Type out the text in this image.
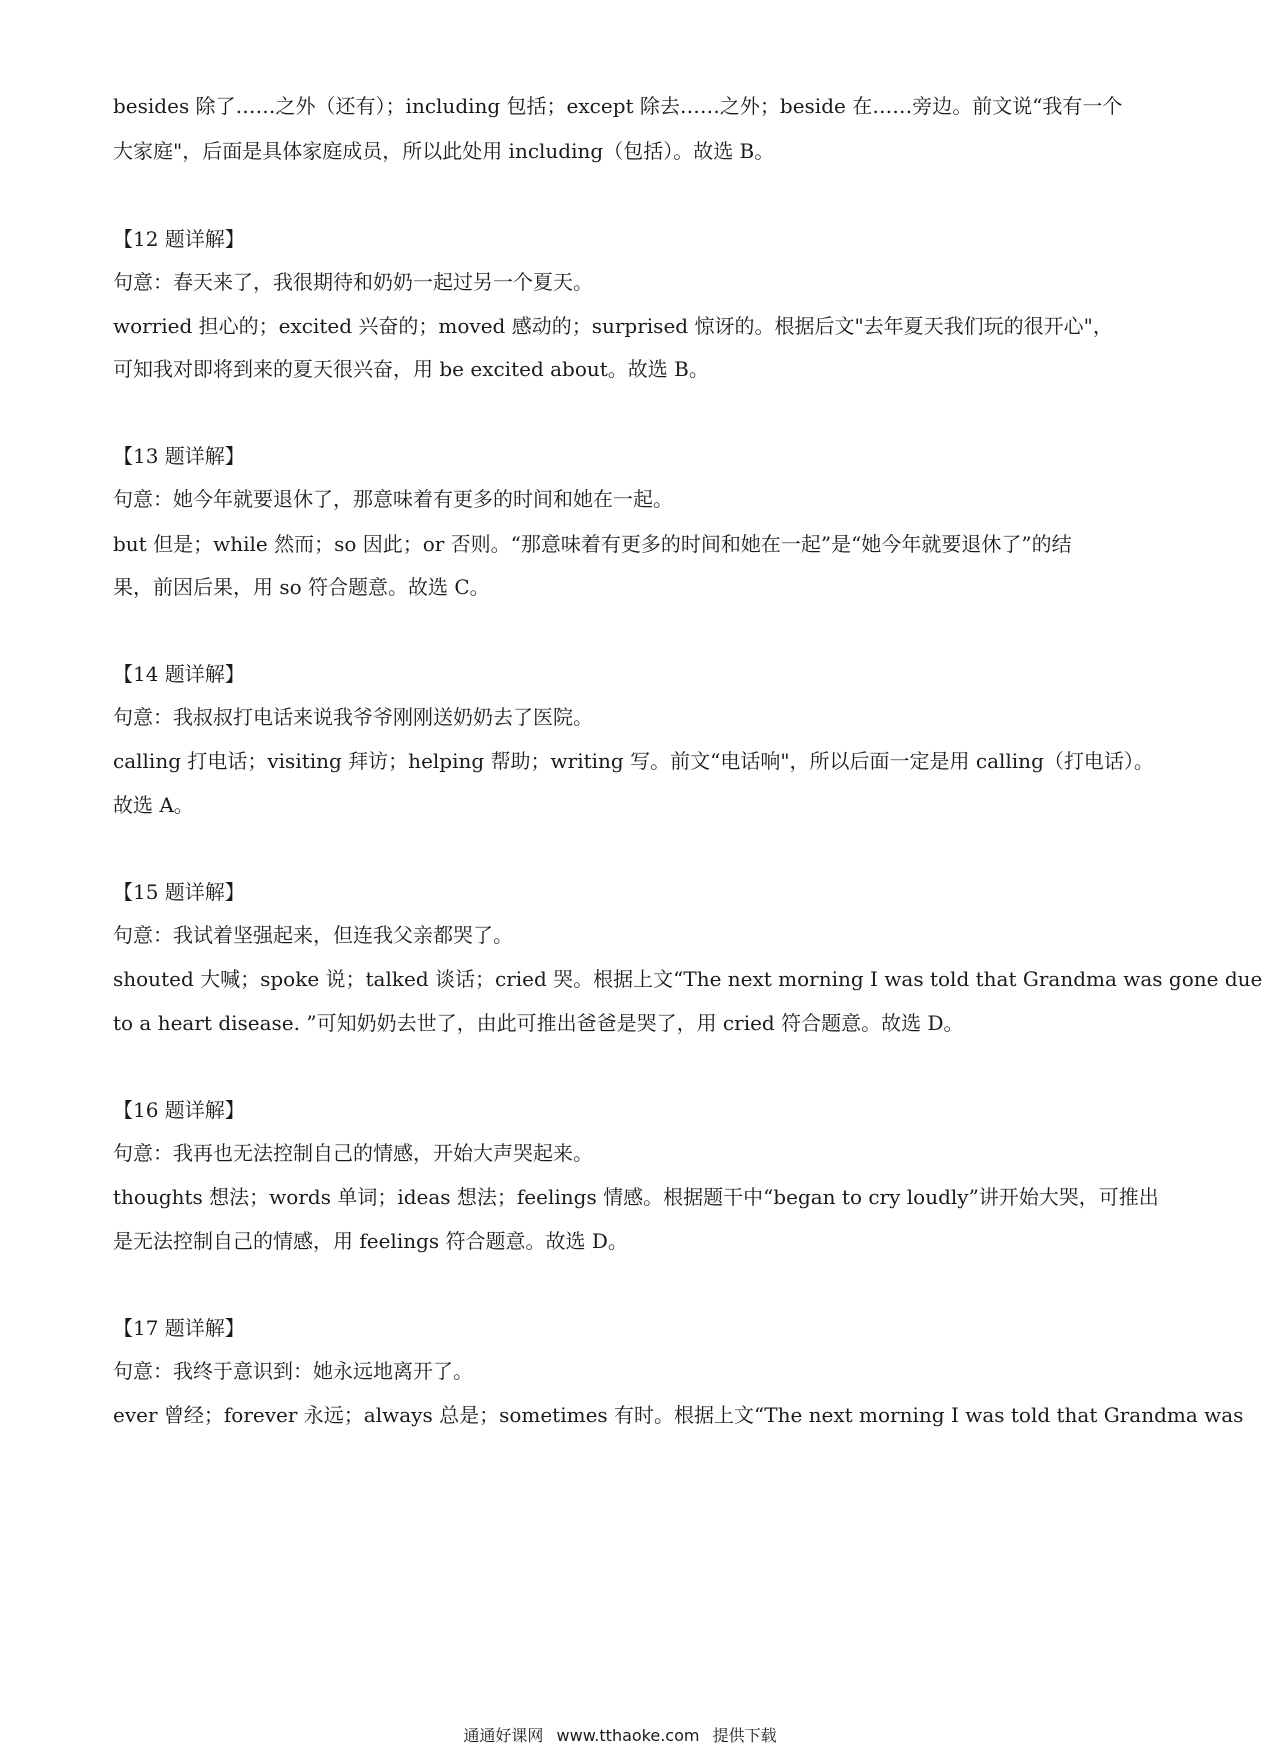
besides 除了……之外（还有）；including 包括；except 除去……之外；beside 在……旁边。前文说“我有一个
大家庭"，后面是具体家庭成员，所以此处用 including（包括）。故选 B。
【12 题详解】
句意：春天来了，我很期待和奶奶一起过另一个夏天。
worried 担心的；excited 兴奋的；moved 感动的；surprised 惊讶的。根据后文"去年夏天我们玩的很开心"，
可知我对即将到来的夏天很兴奋，用 be excited about。故选 B。
【13 题详解】
句意：她今年就要退休了，那意味着有更多的时间和她在一起。
but 但是；while 然而；so 因此；or 否则。“那意味着有更多的时间和她在一起”是“她今年就要退休了”的结
果，前因后果，用 so 符合题意。故选 C。
【14 题详解】
句意：我叔叔打电话来说我爷爷刚刚送奶奶去了医院。
calling 打电话；visiting 拜访；helping 帮助；writing 写。前文“电话响"，所以后面一定是用 calling（打电话）。
故选 A。
【15 题详解】
句意：我试着坚强起来，但连我父亲都哭了。
shouted 大喊；spoke 说；talked 谈话；cried 哭。根据上文“The next morning I was told that Grandma was gone due
to a heart disease. ”可知奶奶去世了，由此可推出爸爸是哭了，用 cried 符合题意。故选 D。
【16 题详解】
句意：我再也无法控制自己的情感，开始大声哭起来。
thoughts 想法；words 单词；ideas 想法；feelings 情感。根据题干中“began to cry loudly”讲开始大哭，可推出
是无法控制自己的情感，用 feelings 符合题意。故选 D。
【17 题详解】
句意：我终于意识到：她永远地离开了。
ever 曾经；forever 永远；always 总是；sometimes 有时。根据上文“The next morning I was told that Grandma was
通通好课网 www.tthaoke.com 提供下载
